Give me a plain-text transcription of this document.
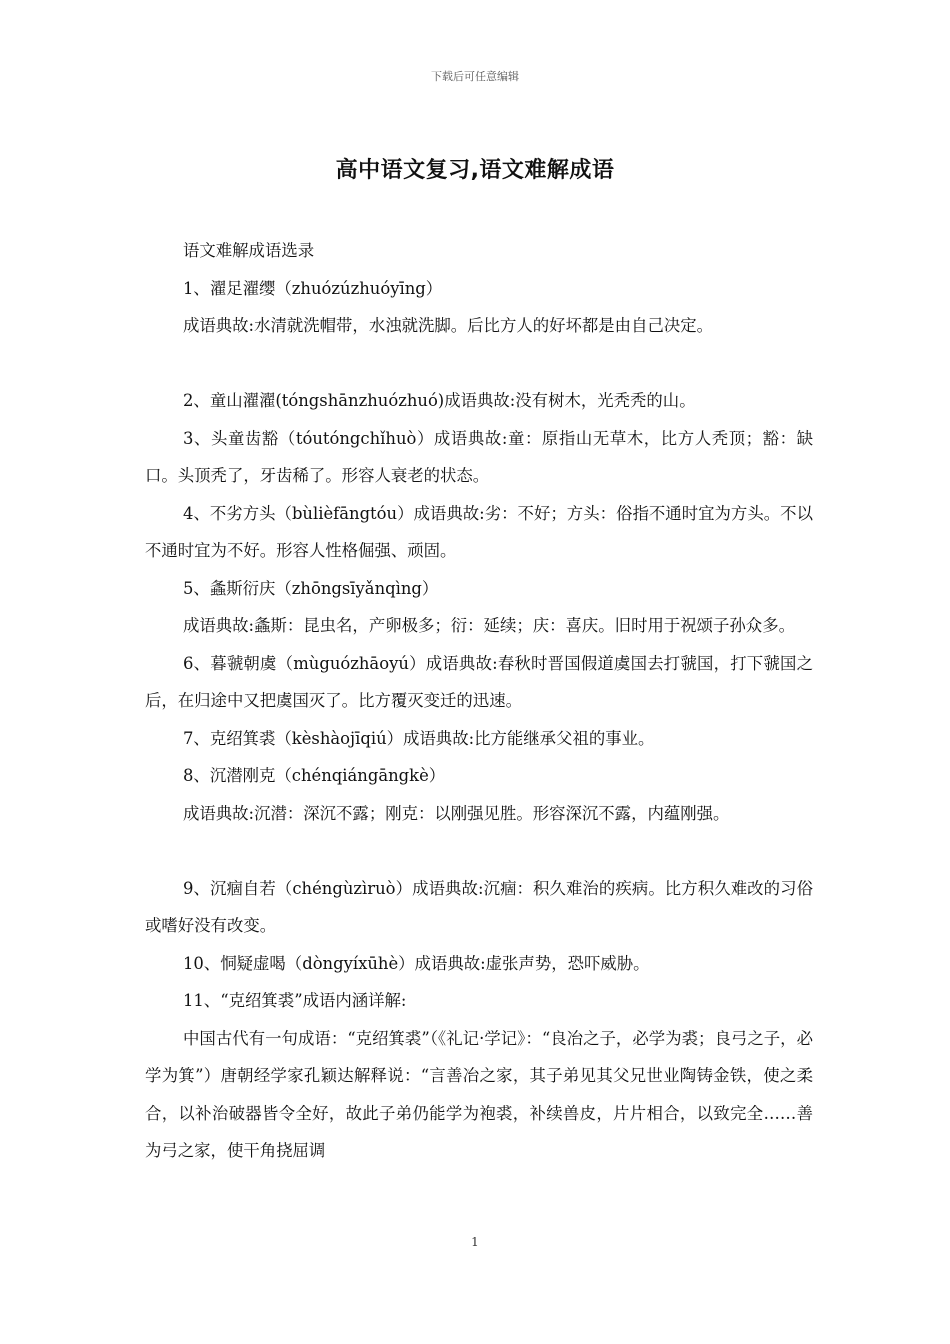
下载后可任意编辑
高中语文复习,语文难解成语

语文难解成语选录

1、濯足濯缨（zhuózúzhuóyīng）

成语典故:水清就洗帽带，水浊就洗脚。后比方人的好坏都是由自己决定。

2、童山濯濯(tóngshānzhuózhuó)成语典故:没有树木，光秃秃的山。

3、头童齿豁（tóutóngchǐhuò）成语典故:童：原指山无草木，比方人秃顶；豁：缺口。头顶秃了，牙齿稀了。形容人衰老的状态。

4、不劣方头（bùlièfāngtóu）成语典故:劣：不好；方头：俗指不通时宜为方头。不以不通时宜为不好。形容人性格倔强、顽固。

5、螽斯衍庆（zhōngsīyǎnqìng）

成语典故:螽斯：昆虫名，产卵极多；衍：延续；庆：喜庆。旧时用于祝颂子孙众多。

6、暮虢朝虞（mùguózhāoyú）成语典故:春秋时晋国假道虞国去打虢国，打下虢国之后，在归途中又把虞国灭了。比方覆灭变迁的迅速。

7、克绍箕裘（kèshàojīqiú）成语典故:比方能继承父祖的事业。

8、沉潜刚克（chénqiángāngkè）

成语典故:沉潜：深沉不露；刚克：以刚强见胜。形容深沉不露，内蕴刚强。

9、沉痼自若（chéngùzìruò）成语典故:沉痼：积久难治的疾病。比方积久难改的习俗或嗜好没有改变。

10、恫疑虚喝（dòngyíxūhè）成语典故:虚张声势，恐吓威胁。

11、“克绍箕裘”成语内涵详解:

中国古代有一句成语：“克绍箕裘”（《礼记·学记》：“良冶之子，必学为裘；良弓之子，必学为箕”）唐朝经学家孔颖达解释说：“言善冶之家，其子弟见其父兄世业陶铸金铁，使之柔合，以补治破器皆令全好，故此子弟仍能学为袍裘，补续兽皮，片片相合，以致完全……善为弓之家，使干角挠屈调

1
